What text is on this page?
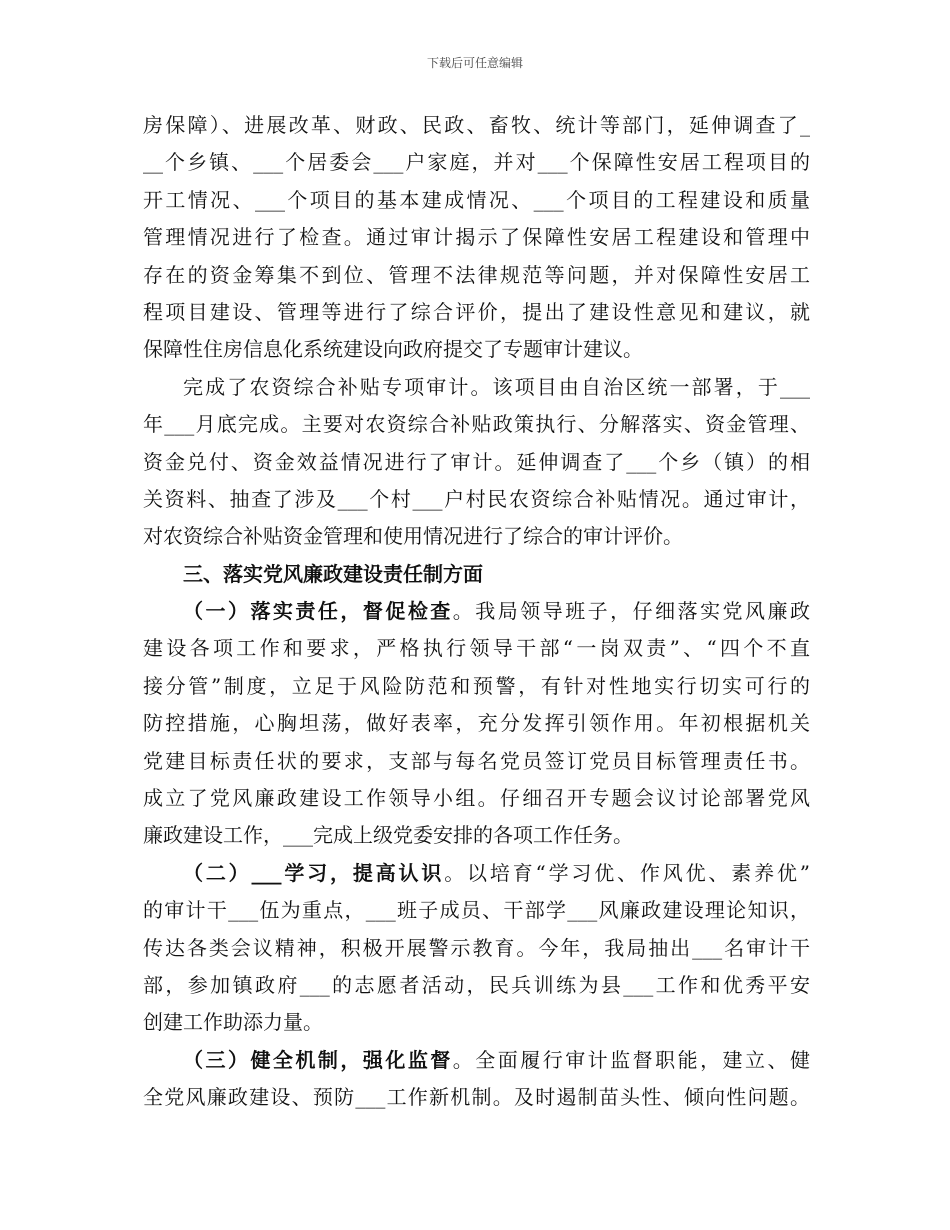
下载后可任意编辑
房保障）、进展改革、财政、民政、畜牧、统计等部门，延伸调查了_
__个乡镇、___个居委会___户家庭，并对___个保障性安居工程项目的
开工情况、___个项目的基本建成情况、___个项目的工程建设和质量
管理情况进行了检查。通过审计揭示了保障性安居工程建设和管理中
存在的资金筹集不到位、管理不法律规范等问题，并对保障性安居工
程项目建设、管理等进行了综合评价，提出了建设性意见和建议，就
保障性住房信息化系统建设向政府提交了专题审计建议。
完成了农资综合补贴专项审计。该项目由自治区统一部署，于___
年___月底完成。主要对农资综合补贴政策执行、分解落实、资金管理、
资金兑付、资金效益情况进行了审计。延伸调查了___个乡（镇）的相
关资料、抽查了涉及___个村___户村民农资综合补贴情况。通过审计，
对农资综合补贴资金管理和使用情况进行了综合的审计评价。
三、落实党风廉政建设责任制方面
（一）落实责任，督促检查。我局领导班子，仔细落实党风廉政
建设各项工作和要求，严格执行领导干部“一岗双责”、“四个不直
接分管”制度，立足于风险防范和预警，有针对性地实行切实可行的
防控措施，心胸坦荡，做好表率，充分发挥引领作用。年初根据机关
党建目标责任状的要求，支部与每名党员签订党员目标管理责任书。
成立了党风廉政建设工作领导小组。仔细召开专题会议讨论部署党风
廉政建设工作，___完成上级党委安排的各项工作任务。
（二）___学习，提高认识。以培育“学习优、作风优、素养优”
的审计干___伍为重点，___班子成员、干部学___风廉政建设理论知识，
传达各类会议精神，积极开展警示教育。今年，我局抽出___名审计干
部，参加镇政府___的志愿者活动，民兵训练为县___工作和优秀平安
创建工作助添力量。
（三）健全机制，强化监督。全面履行审计监督职能，建立、健
全党风廉政建设、预防___工作新机制。及时遏制苗头性、倾向性问题。
